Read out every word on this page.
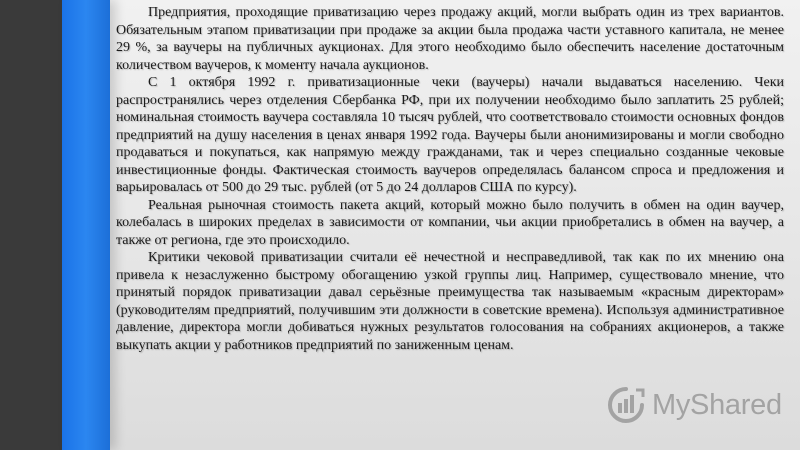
Предприятия, проходящие приватизацию через продажу акций, могли выбрать один из трех вариантов. Обязательным этапом приватизации при продаже за акции была продажа части уставного капитала, не менее 29 %, за ваучеры на публичных аукционах. Для этого необходимо было обеспечить население достаточным количеством ваучеров, к моменту начала аукционов.

С 1 октября 1992 г. приватизационные чеки (ваучеры) начали выдаваться населению. Чеки распространялись через отделения Сбербанка РФ, при их получении необходимо было заплатить 25 рублей; номинальная стоимость ваучера составляла 10 тысяч рублей, что соответствовало стоимости основных фондов предприятий на душу населения в ценах января 1992 года. Ваучеры были анонимизированы и могли свободно продаваться и покупаться, как напрямую между гражданами, так и через специально созданные чековые инвестиционные фонды. Фактическая стоимость ваучеров определялась балансом спроса и предложения и варьировалась от 500 до 29 тыс. рублей (от 5 до 24 долларов США по курсу).

Реальная рыночная стоимость пакета акций, который можно было получить в обмен на один ваучер, колебалась в широких пределах в зависимости от компании, чьи акции приобретались в обмен на ваучер, а также от региона, где это происходило.

Критики чековой приватизации считали её нечестной и несправедливой, так как по их мнению она привела к незаслуженно быстрому обогащению узкой группы лиц. Например, существовало мнение, что принятый порядок приватизации давал серьёзные преимущества так называемым «красным директорам» (руководителям предприятий, получившим эти должности в советские времена). Используя административное давление, директора могли добиваться нужных результатов голосования на собраниях акционеров, а также выкупать акции у работников предприятий по заниженным ценам.

MyShared
